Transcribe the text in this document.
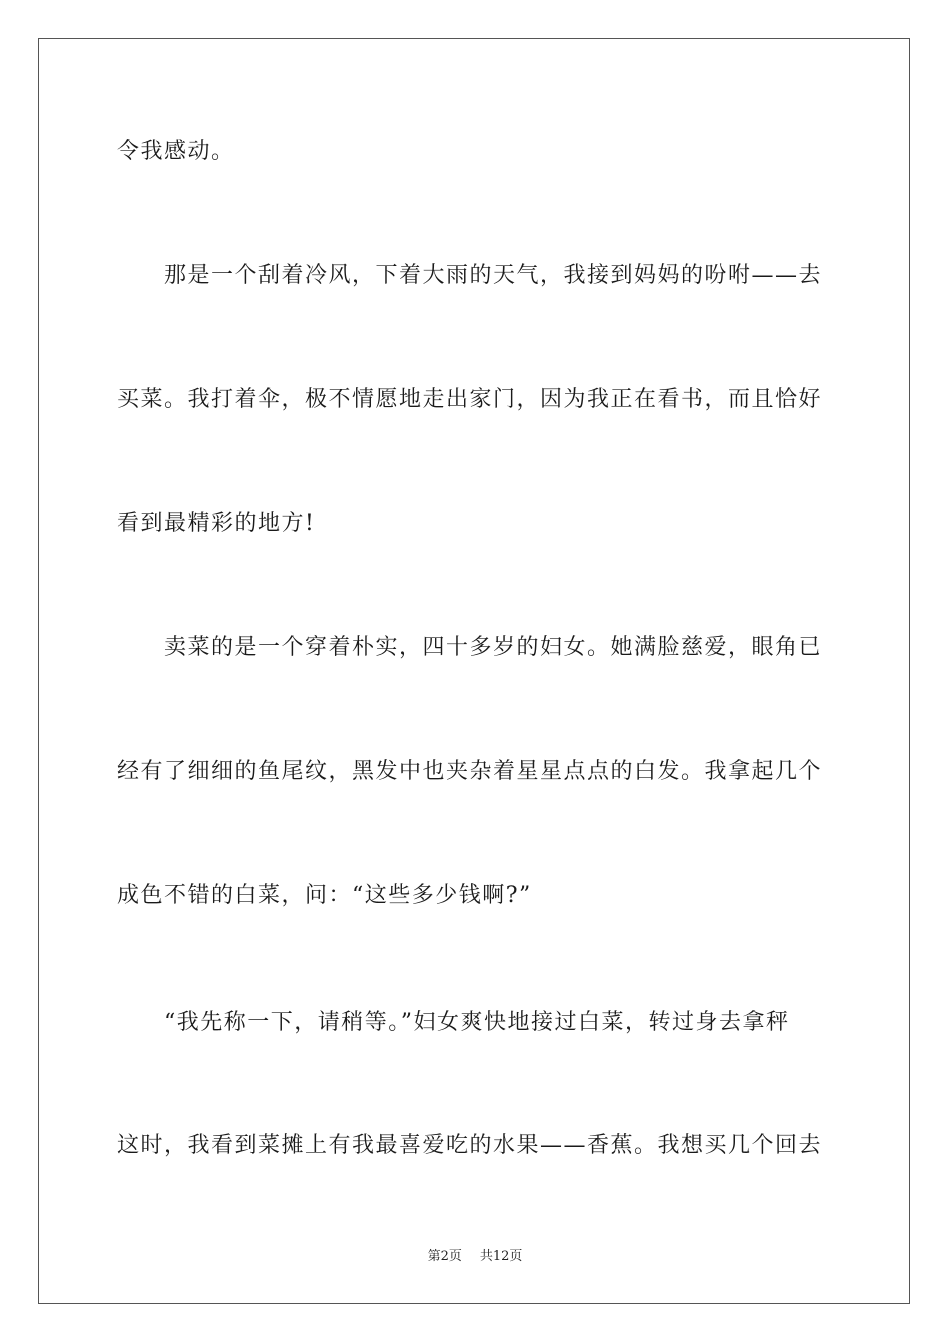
令我感动。
　　那是一个刮着冷风，下着大雨的天气，我接到妈妈的吩咐——去
买菜。我打着伞，极不情愿地走出家门，因为我正在看书，而且恰好
看到最精彩的地方!
　　卖菜的是一个穿着朴实，四十多岁的妇女。她满脸慈爱，眼角已
经有了细细的鱼尾纹，黑发中也夹杂着星星点点的白发。我拿起几个
成色不错的白菜，问：“这些多少钱啊?”
　　“我先称一下，请稍等。”妇女爽快地接过白菜，转过身去拿秤
这时，我看到菜摊上有我最喜爱吃的水果——香蕉。我想买几个回去
第2页 共12页
